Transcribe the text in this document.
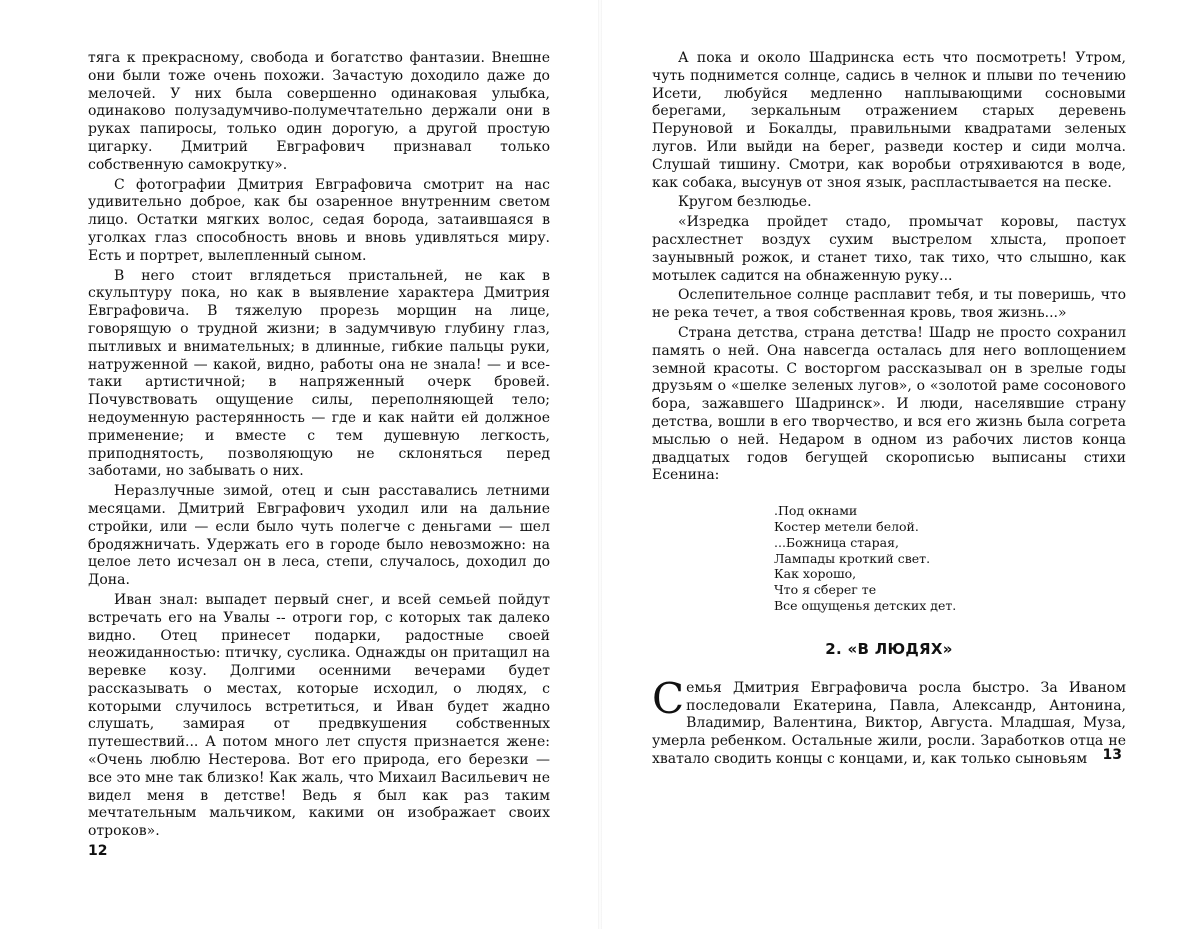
тяга к прекрасному, свобода и богатство фантазии. Внешне они были тоже очень похожи. Зачастую доходило даже до мелочей. У них была совершенно одинаковая улыбка, одинаково полузадумчиво-полумечтательно держали они в руках папиросы, только один дорогую, а другой простую цигарку. Дмитрий Евграфович признавал только собственную самокрутку».

С фотографии Дмитрия Евграфовича смотрит на нас удивительно доброе, как бы озаренное внутренним светом лицо. Остатки мягких волос, седая борода, затаившаяся в уголках глаз способность вновь и вновь удивляться миру. Есть и портрет, вылепленный сыном.

В него стоит вглядеться пристальней, не как в скульптуру пока, но как в выявление характера Дмитрия Евграфовича. В тяжелую прорезь морщин на лице, говорящую о трудной жизни; в задумчивую глубину глаз, пытливых и внимательных; в длинные, гибкие пальцы руки, натруженной — какой, видно, работы она не знала! — и все-таки артистичной; в напряженный очерк бровей. Почувствовать ощущение силы, переполняющей тело; недоуменную растерянность — где и как найти ей должное применение; и вместе с тем душевную легкость, приподнятость, позволяющую не склоняться перед заботами, но забывать о них.

Неразлучные зимой, отец и сын расставались летними месяцами. Дмитрий Евграфович уходил или на дальние стройки, или — если было чуть полегче с деньгами — шел бродяжничать. Удержать его в городе было невозможно: на целое лето исчезал он в леса, степи, случалось, доходил до Дона.

Иван знал: выпадет первый снег, и всей семьей пойдут встречать его на Увалы -- отроги гор, с которых так далеко видно. Отец принесет подарки, радостные своей неожиданностью: птичку, суслика. Однажды он притащил на веревке козу. Долгими осенними вечерами будет рассказывать о местах, которые исходил, о людях, с которыми случилось встретиться, и Иван будет жадно слушать, замирая от предвкушения собственных путешествий... А потом много лет спустя признается жене: «Очень люблю Нестерова. Вот его природа, его березки — все это мне так близко! Как жаль, что Михаил Васильевич не видел меня в детстве! Ведь я был как раз таким мечтательным мальчиком, какими он изображает своих отроков».

12

А пока и около Шадринска есть что посмотреть! Утром, чуть поднимется солнце, садись в челнок и плыви по течению Исети, любуйся медленно наплывающими сосновыми берегами, зеркальным отражением старых деревень Перуновой и Бокалды, правильными квадратами зеленых лугов. Или выйди на берег, разведи костер и сиди молча. Слушай тишину. Смотри, как воробьи отряхиваются в воде, как собака, высунув от зноя язык, распластывается на песке.

Кругом безлюдье.

«Изредка пройдет стадо, промычат коровы, пастух расхлестнет воздух сухим выстрелом хлыста, пропоет заунывный рожок, и станет тихо, так тихо, что слышно, как мотылек садится на обнаженную руку...

Ослепительное солнце расплавит тебя, и ты поверишь, что не река течет, а твоя собственная кровь, твоя жизнь...»

Страна детства, страна детства! Шадр не просто сохранил память о ней. Она навсегда осталась для него воплощением земной красоты. С восторгом рассказывал он в зрелые годы друзьям о «шелке зеленых лугов», о «золотой раме сосонового бора, зажавшего Шадринск». И люди, населявшие страну детства, вошли в его творчество, и вся его жизнь была согрета мыслью о ней. Недаром в одном из рабочих листов конца двадцатых годов бегущей скорописью выписаны стихи Есенина:

.Под окнами
Костер метели белой.
...Божница старая,
Лампады кроткий свет.
Как хорошо,
Что я сберег те
Все ощущенья детских дет.
2. «В ЛЮДЯХ»

Семья Дмитрия Евграфовича росла быстро. За Иваном последовали Екатерина, Павла, Александр, Антонина, Владимир, Валентина, Виктор, Августа. Младшая, Муза, умерла ребенком. Остальные жили, росли. Заработков отца не хватало сводить концы с концами, и, как только сыновьям	13
